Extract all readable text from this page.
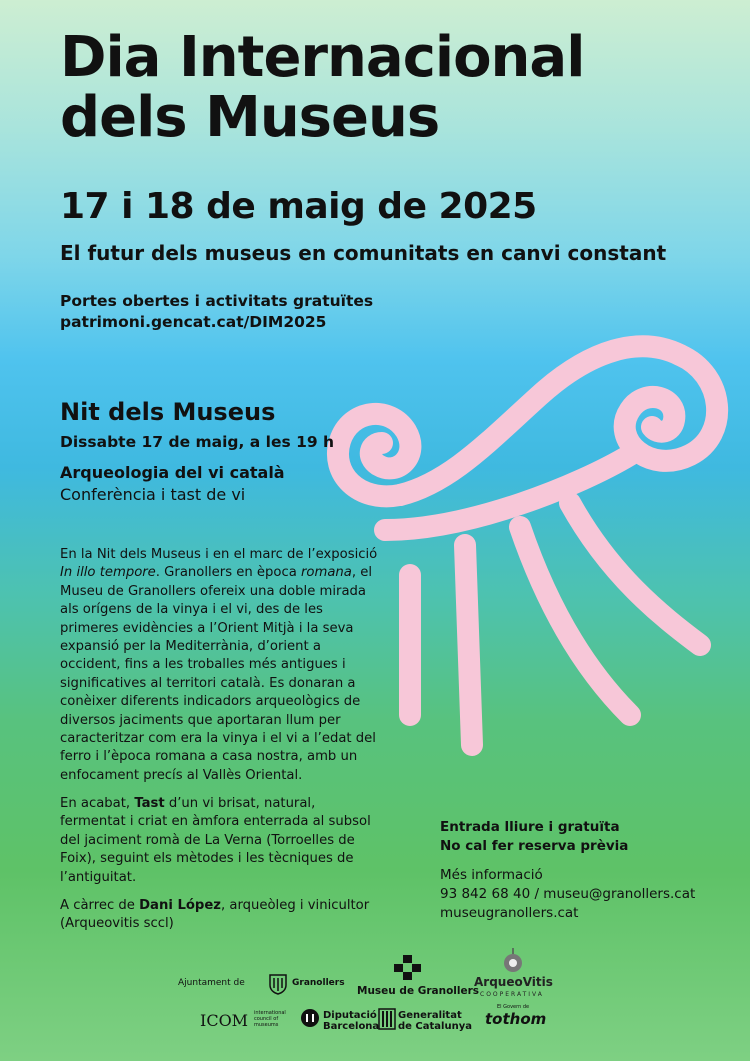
Dia Internacional
dels Museus
17 i 18 de maig de 2025
El futur dels museus en comunitats en canvi constant
Portes obertes i activitats gratuïtes
patrimoni.gencat.cat/DIM2025
Nit dels Museus
Dissabte 17 de maig, a les 19 h
Arqueologia del vi català
Conferència i tast de vi
En la Nit dels Museus i en el marc de l’exposició In illo tempore. Granollers en època romana, el Museu de Granollers ofereix una doble mirada als orígens de la vinya i el vi, des de les primeres evidències a l’Orient Mitjà i la seva expansió per la Mediterrània, d’orient a occident, fins a les troballes més antigues i significatives al territori català. Es donaran a conèixer diferents indicadors arqueològics de diversos jaciments que aportaran llum per caracteritzar com era la vinya i el vi a l’edat del ferro i l’època romana a casa nostra, amb un enfocament precís al Vallès Oriental.
En acabat, Tast d’un vi brisat, natural, fermentat i criat en àmfora enterrada al subsol del jaciment romà de La Verna (Torroelles de Foix), seguint els mètodes i les tècniques de l’antiguitat.
A càrrec de Dani López, arqueòleg i vinicultor (Arqueovitis sccl)
Entrada lliure i gratuïta
No cal fer reserva prèvia
Més informació
93 842 68 40 / museu@granollers.cat
museugranollers.cat
Ajuntament de	Granollers
Museu de Granollers
ArqueoVitis
COOPERATIVA
ICOM international council of museums
Diputació
Barcelona
Generalitat
de Catalunya
El Govern de
tothom
